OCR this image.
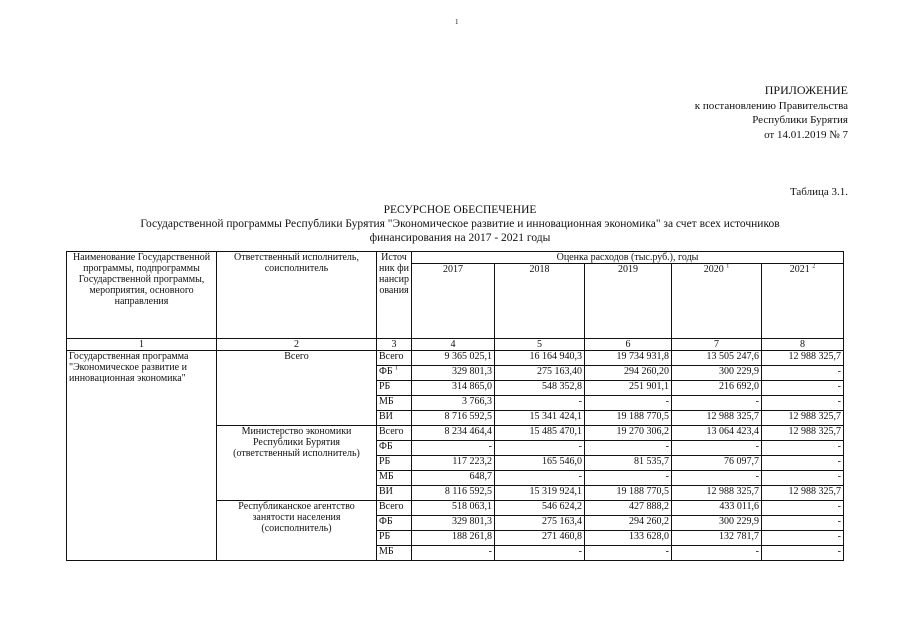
1
ПРИЛОЖЕНИЕ
к постановлению Правительства
Республики Бурятия
от 14.01.2019 № 7
Таблица 3.1.
РЕСУРСНОЕ ОБЕСПЕЧЕНИЕ
Государственной программы Республики Бурятия "Экономическое развитие и инновационная экономика" за счет всех источников
финансирования на 2017 - 2021 годы
Наименование Государственной программы, подпрограммы Государственной программы, мероприятия, основного направления	Ответственный исполнитель, соисполнитель	Источник финансирования	Оценка расходов (тыс.руб.), годы				
			2017	2018	2019	2020 $^1$	2021 $^2$
1	2	3	4	5	6	7	8
Государственная программа "Экономическое развитие и инновационная экономика"	Всего	Всего	9 365 025,1	16 164 940,3	19 734 931,8	13 505 247,6	12 988 325,7
		ФБ $^1$	329 801,3	275 163,40	294 260,20	300 229,9	-
		РБ	314 865,0	548 352,8	251 901,1	216 692,0	-
		МБ	3 766,3	-	-	-	-
		ВИ	8 716 592,5	15 341 424,1	19 188 770,5	12 988 325,7	12 988 325,7
	Министерство экономики Республики Бурятия (ответственный исполнитель)	Всего	8 234 464,4	15 485 470,1	19 270 306,2	13 064 423,4	12 988 325,7
		ФБ	-	-	-	-	-
		РБ	117 223,2	165 546,0	81 535,7	76 097,7	-
		МБ	648,7	-	-	-	-
		ВИ	8 116 592,5	15 319 924,1	19 188 770,5	12 988 325,7	12 988 325,7
	Республиканское агентство занятости населения (соисполнитель)	Всего	518 063,1	546 624,2	427 888,2	433 011,6	-
		ФБ	329 801,3	275 163,4	294 260,2	300 229,9	-
		РБ	188 261,8	271 460,8	133 628,0	132 781,7	-
		МБ	-	-	-	-	-
